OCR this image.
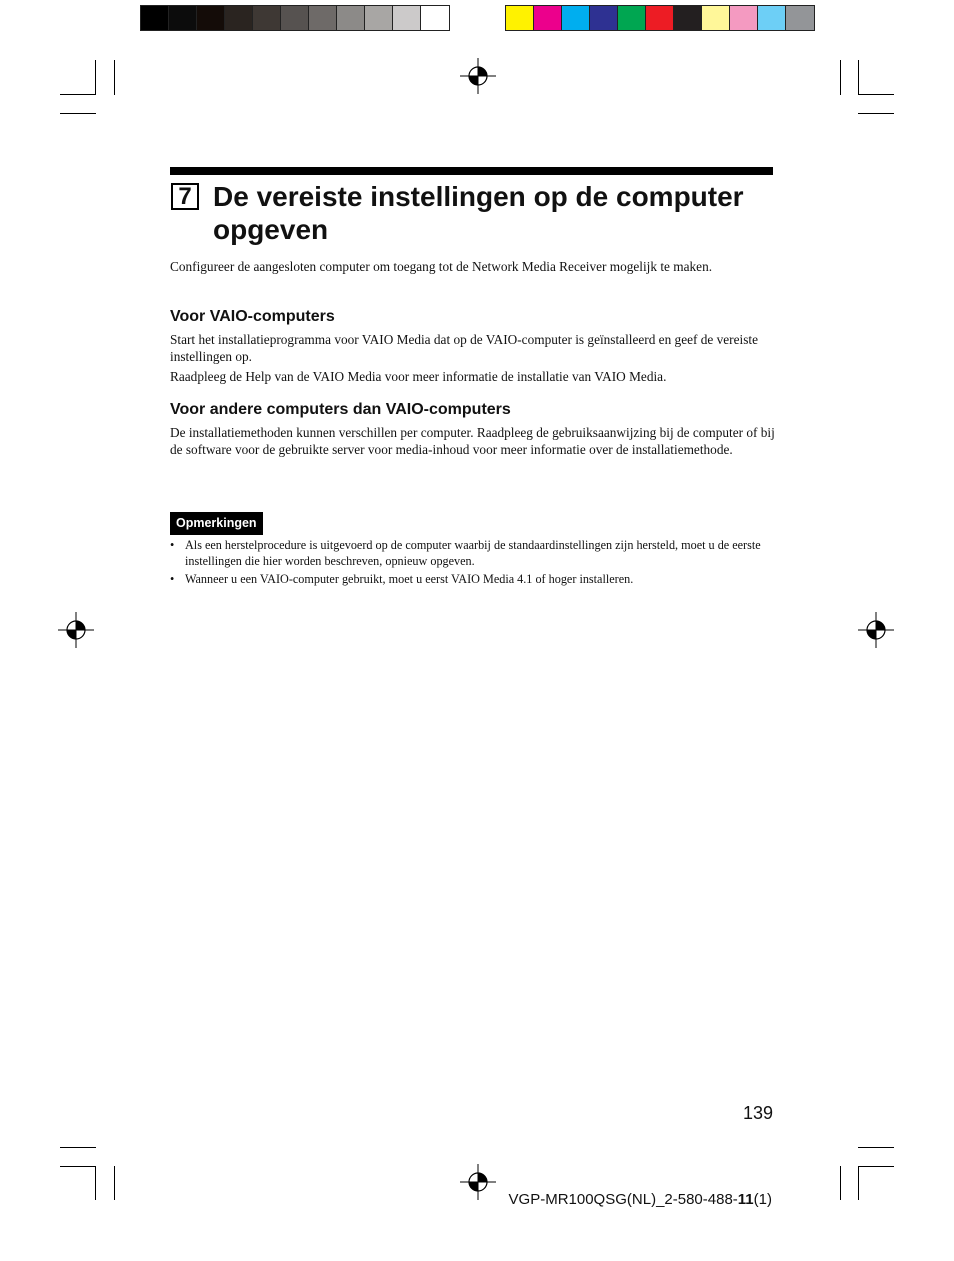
7 De vereiste instellingen op de computer opgeven

Configureer de aangesloten computer om toegang tot de Network Media Receiver mogelijk te maken.

Voor VAIO-computers

Start het installatieprogramma voor VAIO Media dat op de VAIO-computer is geïnstalleerd en geef de vereiste instellingen op.

Raadpleeg de Help van de VAIO Media voor meer informatie de installatie van VAIO Media.

Voor andere computers dan VAIO-computers

De installatiemethoden kunnen verschillen per computer. Raadpleeg de gebruiksaanwijzing bij de computer of bij de software voor de gebruikte server voor media-inhoud voor meer informatie over de installatiemethode.

Opmerkingen
• Als een herstelprocedure is uitgevoerd op de computer waarbij de standaardinstellingen zijn hersteld, moet u de eerste instellingen die hier worden beschreven, opnieuw opgeven.
• Wanneer u een VAIO-computer gebruikt, moet u eerst VAIO Media 4.1 of hoger installeren.
139
VGP-MR100QSG(NL)_2-580-488-11(1)
